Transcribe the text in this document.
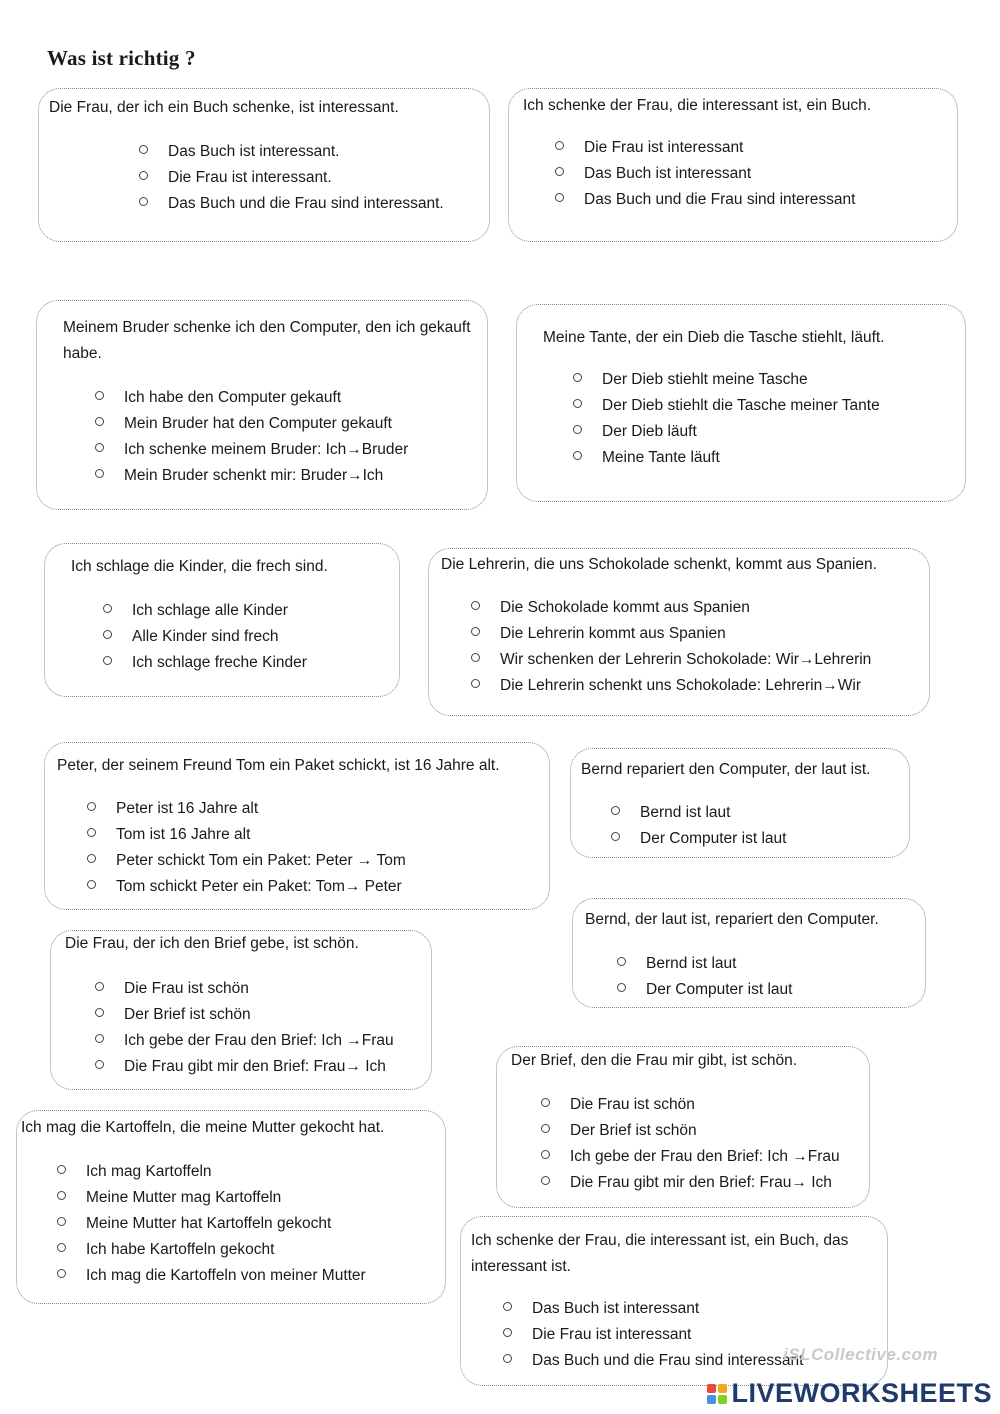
Was ist richtig ?

Die Frau, der ich ein Buch schenke, ist interessant.

Das Buch ist interessant.
Die Frau ist interessant.
Das Buch und die Frau sind interessant.

Ich schenke der Frau, die interessant ist, ein Buch.

Die Frau ist interessant
Das Buch ist interessant
Das Buch und die Frau sind interessant

Meinem Bruder schenke ich den Computer, den ich gekauft habe.

Ich habe den Computer gekauft
Mein Bruder hat den Computer gekauft
Ich schenke meinem Bruder: Ich→Bruder
Mein Bruder schenkt mir: Bruder→Ich

Meine Tante, der ein Dieb die Tasche stiehlt, läuft.

Der Dieb stiehlt meine Tasche
Der Dieb stiehlt die Tasche meiner Tante
Der Dieb läuft
Meine Tante läuft

Ich schlage die Kinder, die frech sind.

Ich schlage alle Kinder
Alle Kinder sind frech
Ich schlage freche Kinder

Die Lehrerin, die uns Schokolade schenkt, kommt aus Spanien.

Die Schokolade kommt aus Spanien
Die Lehrerin kommt aus Spanien
Wir schenken der Lehrerin Schokolade: Wir→Lehrerin
Die Lehrerin schenkt uns Schokolade: Lehrerin→Wir

Peter, der seinem Freund Tom ein Paket schickt, ist 16 Jahre alt.

Peter ist 16 Jahre alt
Tom ist 16 Jahre alt
Peter schickt Tom ein Paket: Peter → Tom
Tom schickt Peter ein Paket: Tom→ Peter

Bernd repariert den Computer, der laut ist.

Bernd ist laut
Der Computer ist laut

Bernd, der laut ist, repariert den Computer.

Bernd ist laut
Der Computer ist laut

Die Frau, der ich den Brief gebe, ist schön.

Die Frau ist schön
Der Brief ist schön
Ich gebe der Frau den Brief: Ich →Frau
Die Frau gibt mir den Brief: Frau→ Ich	Der Brief, den die Frau mir gibt, ist schön.

Die Frau ist schön
Der Brief ist schön
Ich gebe der Frau den Brief: Ich →Frau
Die Frau gibt mir den Brief: Frau→ Ich

Ich mag die Kartoffeln, die meine Mutter gekocht hat.

Ich mag Kartoffeln
Meine Mutter mag Kartoffeln
Meine Mutter hat Kartoffeln gekocht
Ich habe Kartoffeln gekocht
Ich mag die Kartoffeln von meiner Mutter

Ich schenke der Frau, die interessant ist, ein Buch, das interessant ist.

Das Buch ist interessant
Die Frau ist interessant
Das Buch und die Frau sind interessant
iSLCollective.com
LIVEWORKSHEETS
